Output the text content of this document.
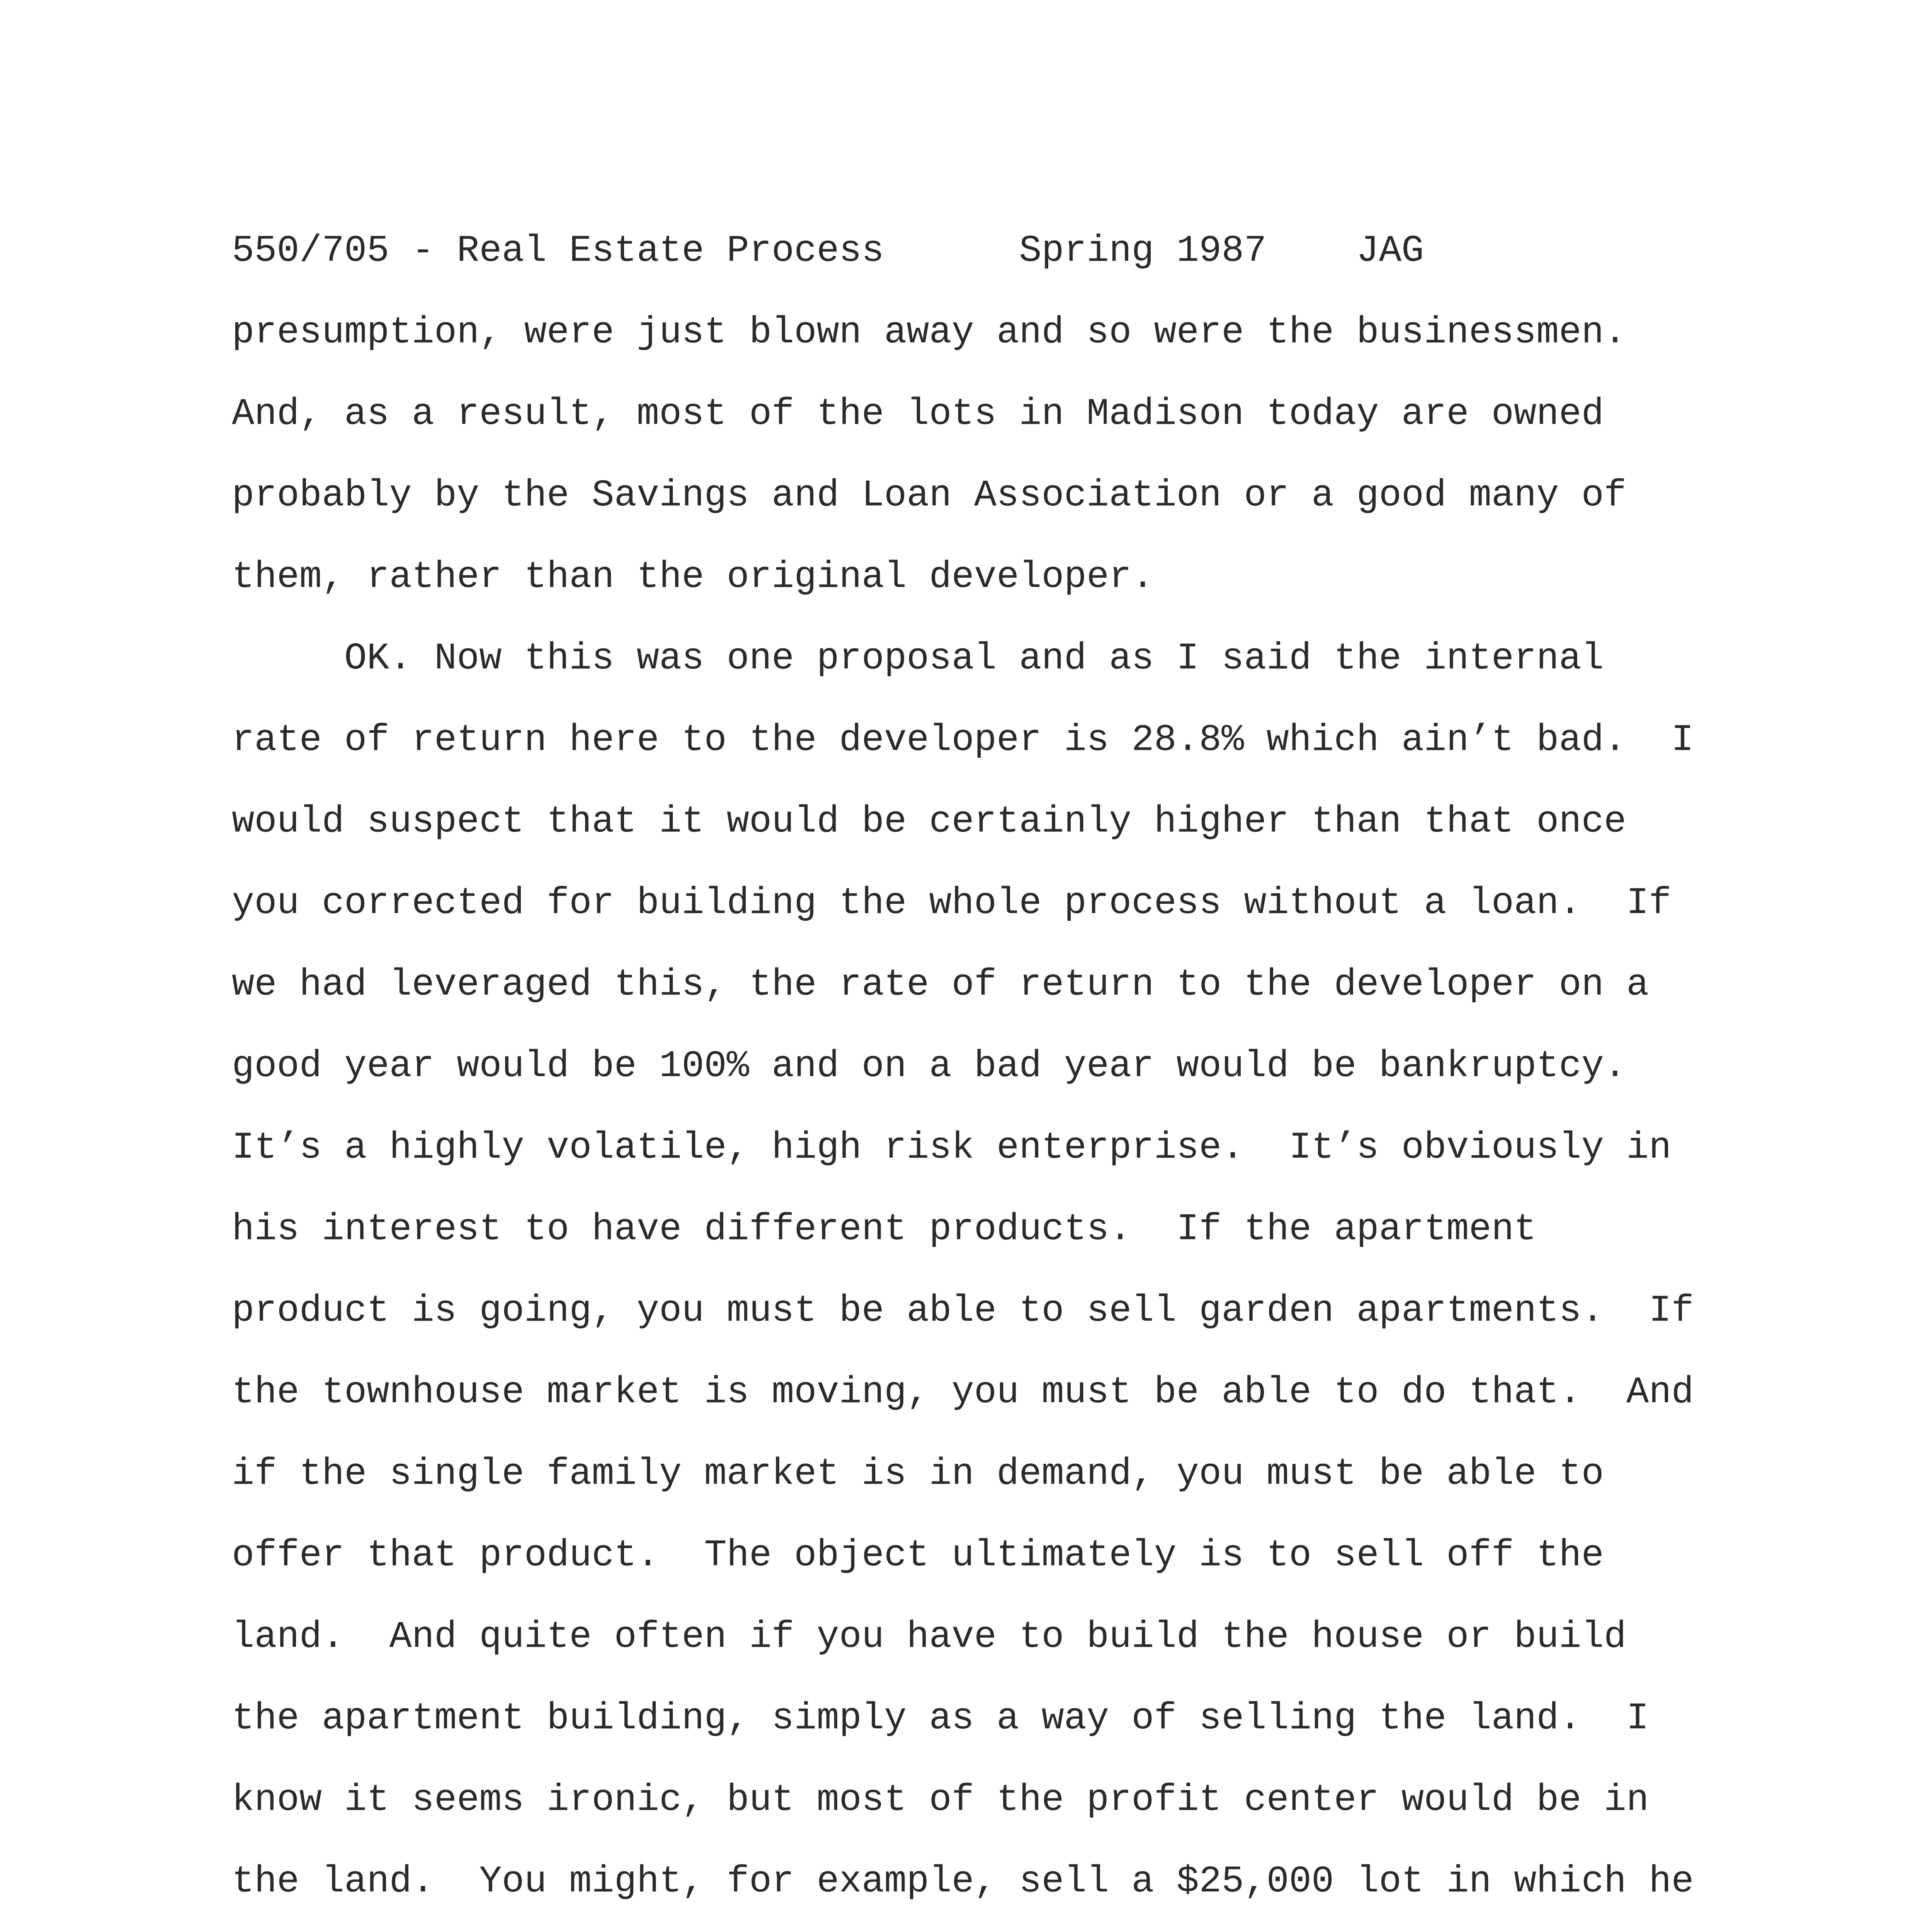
550/705 - Real Estate Process	Spring 1987 JAG
presumption, were just blown away and so were the businessmen.
And, as a result, most of the lots in Madison today are owned
probably by the Savings and Loan Association or a good many of
them, rather than the original developer.
OK. Now this was one proposal and as I said the internal
rate of return here to the developer is 28.8% which ain’t bad.  I
would suspect that it would be certainly higher than that once
you corrected for building the whole process without a loan.  If
we had leveraged this, the rate of return to the developer on a
good year would be 100% and on a bad year would be bankruptcy.
It’s a highly volatile, high risk enterprise.  It’s obviously in
his interest to have different products.  If the apartment
product is going, you must be able to sell garden apartments.  If
the townhouse market is moving, you must be able to do that.  And
if the single family market is in demand, you must be able to
offer that product.  The object ultimately is to sell off the
land.  And quite often if you have to build the house or build
the apartment building, simply as a way of selling the land.  I
know it seems ironic, but most of the profit center would be in
the land.  You might, for example, sell a $25,000 lot in which he
